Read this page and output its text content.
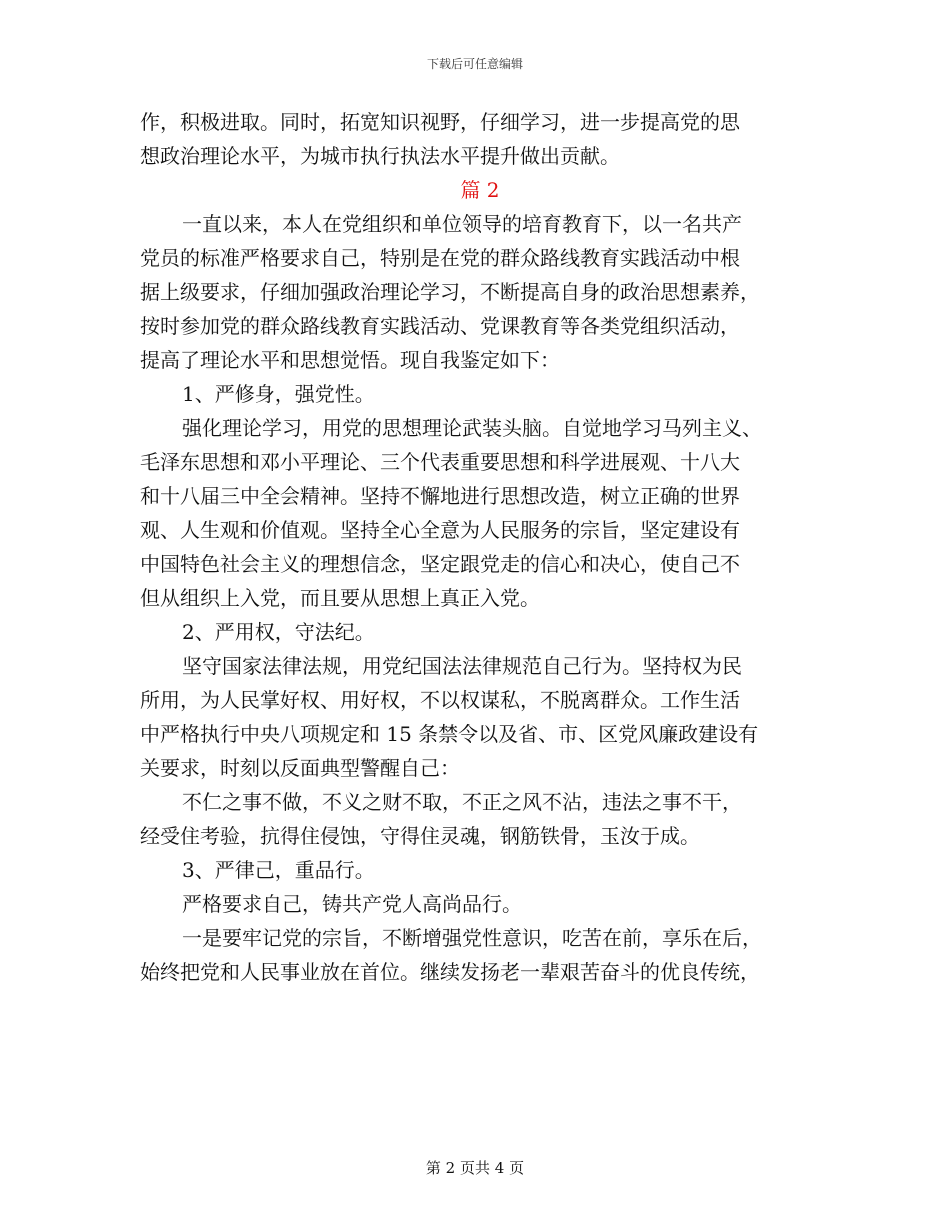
下载后可任意编辑
作，积极进取。同时，拓宽知识视野，仔细学习，进一步提高党的思
想政治理论水平，为城市执行执法水平提升做出贡献。
篇 2
一直以来，本人在党组织和单位领导的培育教育下，以一名共产
党员的标准严格要求自己，特别是在党的群众路线教育实践活动中根
据上级要求，仔细加强政治理论学习，不断提高自身的政治思想素养，
按时参加党的群众路线教育实践活动、党课教育等各类党组织活动，
提高了理论水平和思想觉悟。现自我鉴定如下：
1、严修身，强党性。
强化理论学习，用党的思想理论武装头脑。自觉地学习马列主义、
毛泽东思想和邓小平理论、三个代表重要思想和科学进展观、十八大
和十八届三中全会精神。坚持不懈地进行思想改造，树立正确的世界
观、人生观和价值观。坚持全心全意为人民服务的宗旨，坚定建设有
中国特色社会主义的理想信念，坚定跟党走的信心和决心，使自己不
但从组织上入党，而且要从思想上真正入党。
2、严用权，守法纪。
坚守国家法律法规，用党纪国法法律规范自己行为。坚持权为民
所用，为人民掌好权、用好权，不以权谋私，不脱离群众。工作生活
中严格执行中央八项规定和 15 条禁令以及省、市、区党风廉政建设有
关要求，时刻以反面典型警醒自己：
不仁之事不做，不义之财不取，不正之风不沾，违法之事不干，
经受住考验，抗得住侵蚀，守得住灵魂，钢筋铁骨，玉汝于成。
3、严律己，重品行。
严格要求自己，铸共产党人高尚品行。
一是要牢记党的宗旨，不断增强党性意识，吃苦在前，享乐在后，
始终把党和人民事业放在首位。继续发扬老一辈艰苦奋斗的优良传统，
第 2 页共 4 页
